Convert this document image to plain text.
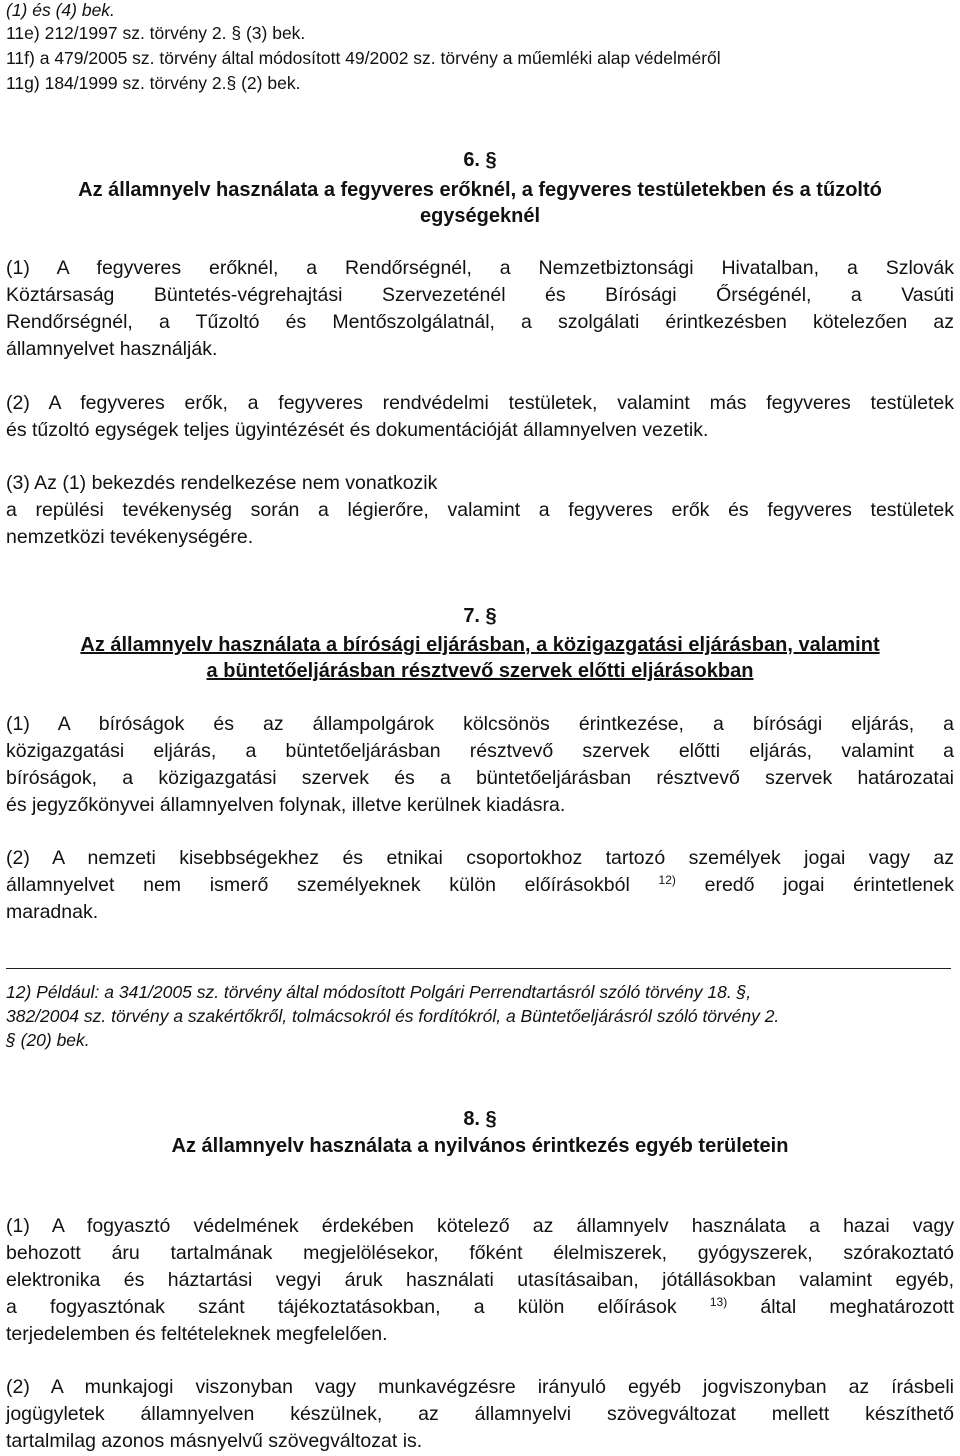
(1) és (4) bek.
11e) 212/1997 sz. törvény 2. § (3) bek.
11f) a 479/2005 sz. törvény által módosított 49/2002 sz. törvény a műemléki alap védelméről
11g) 184/1999 sz. törvény 2.§ (2) bek.
6. §
Az államnyelv használata a fegyveres erőknél, a fegyveres testületekben és a tűzoltó
egységeknél
(1) A fegyveres erőknél, a Rendőrségnél, a Nemzetbiztonsági Hivatalban, a Szlovák
Köztársaság Büntetés-végrehajtási Szervezeténél és Bírósági Őrségénél, a Vasúti
Rendőrségnél, a Tűzoltó és Mentőszolgálatnál, a szolgálati érintkezésben kötelezően az
államnyelvet használják.
(2) A fegyveres erők, a fegyveres rendvédelmi testületek, valamint más fegyveres testületek
és tűzoltó egységek teljes ügyintézését és dokumentációját államnyelven vezetik.
(3) Az (1) bekezdés rendelkezése nem vonatkozik
a repülési tevékenység során a légierőre, valamint a fegyveres erők és fegyveres testületek
nemzetközi tevékenységére.
7. §
Az államnyelv használata a bírósági eljárásban, a közigazgatási eljárásban, valamint
a büntetőeljárásban résztvevő szervek előtti eljárásokban
(1) A bíróságok és az állampolgárok kölcsönös érintkezése, a bírósági eljárás, a
közigazgatási eljárás, a büntetőeljárásban résztvevő szervek előtti eljárás, valamint a
bíróságok, a közigazgatási szervek és a büntetőeljárásban résztvevő szervek határozatai
és jegyzőkönyvei államnyelven folynak, illetve kerülnek kiadásra.
(2) A nemzeti kisebbségekhez és etnikai csoportokhoz tartozó személyek jogai vagy az
államnyelvet nem ismerő személyeknek külön előírásokból $^{12)}$ eredő jogai érintetlenek
maradnak.
12) Például: a 341/2005 sz. törvény által módosított Polgári Perrendtartásról szóló törvény 18. §,
382/2004 sz. törvény a szakértőkről, tolmácsokról és fordítókról, a Büntetőeljárásról szóló törvény 2.
§ (20) bek.
8. §
Az államnyelv használata a nyilvános érintkezés egyéb területein
(1) A fogyasztó védelmének érdekében kötelező az államnyelv használata a hazai vagy
behozott áru tartalmának megjelölésekor, főként élelmiszerek, gyógyszerek, szórakoztató
elektronika és háztartási vegyi áruk használati utasításaiban, jótállásokban valamint egyéb,
a fogyasztónak szánt tájékoztatásokban, a külön előírások	$^{13)}$ által meghatározott
terjedelemben és feltételeknek megfelelően.
(2) A munkajogi viszonyban vagy munkavégzésre irányuló egyéb jogviszonyban az írásbeli
jogügyletek államnyelven készülnek, az államnyelvi szövegváltozat mellett készíthető
tartalmilag azonos másnyelvű szövegváltozat is.
